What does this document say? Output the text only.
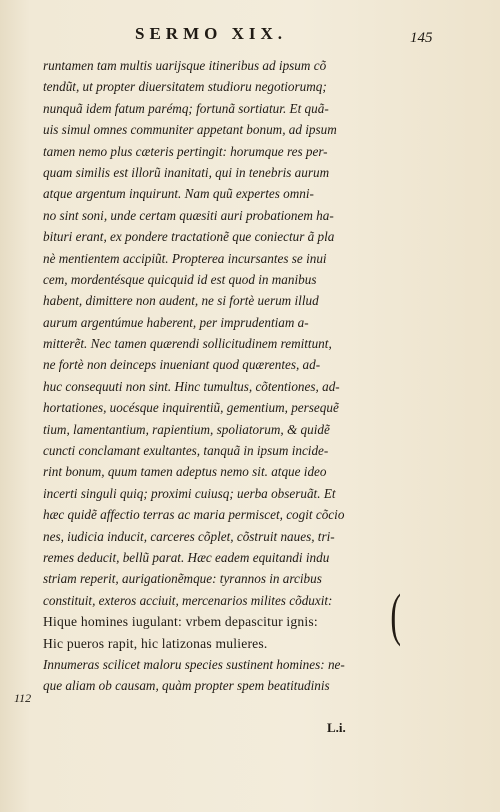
SERMO XIX.	145
runtamen tam multis uarijsque itineribus ad ipsum cõ
tendũt, ut propter diuersitatem studioru negotiorumq;
nunquã idem fatum parémq; fortunã sortiatur. Et quã-
uis simul omnes communiter appetant bonum, ad ipsum
tamen nemo plus cæteris pertingit: horumque res per-
quam similis est illorũ inanitati, qui in tenebris aurum
atque argentum inquirunt. Nam quũ expertes omni-
no sint soni, unde certam quæsiti auri probationem ha-
bituri erant, ex pondere tractationẽ que coniectur ã pla
nè mentientem accipiũt. Propterea incursantes se inui
cem, mordentésque quicquid id est quod in manibus
habent, dimittere non audent, ne si fortè uerum illud
aurum argentúmue haberent, per imprudentiam a-
mitterẽt. Nec tamen quærendi sollicitudinem remittunt,
ne fortè non deinceps inueniant quod quærentes, ad-
huc consequuti non sint. Hinc tumultus, cõtentiones, ad-
hortationes, uocésque inquirentiũ, gementium, persequẽ
tium, lamentantium, rapientium, spoliatorum, & quidẽ
cuncti conclamant exultantes, tanquã in ipsum incide-
rint bonum, quum tamen adeptus nemo sit. atque ideo
incerti singuli quiq; proximi cuiusq; uerba obseruãt. Et
hæc quidẽ affectio terras ac maria permiscet, cogit cõcio
nes, iudicia inducit, carceres cõplet, cõstruit naues, tri-
remes deducit, bellũ parat. Hæc eadem equitandi indu
striam reperit, aurigationẽmque: tyrannos in arcibus
constituit, exteros acciuit, mercenarios milites cõduxit:
Hique homines iugulant: vrbem depascitur ignis:
Hic pueros rapit, hic latizonas mulieres.
Innumeras scilicet maloru species sustinent homines: ne-
que aliam ob causam, quàm propter spem beatitudinis
(
112
L.i.
